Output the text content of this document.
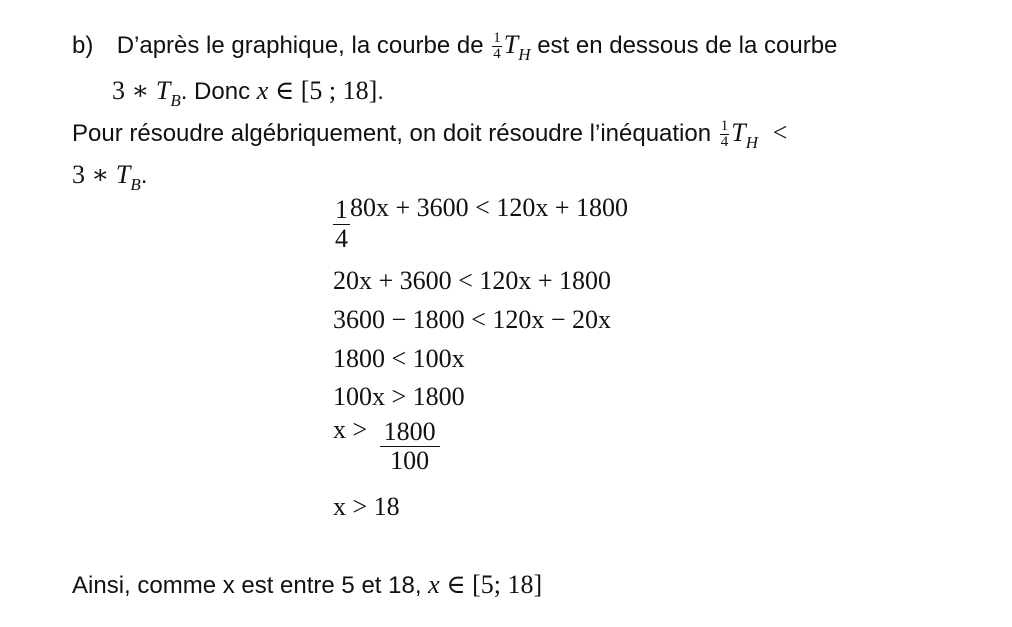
b) D’après le graphique, la courbe de $\frac{1}{4} T_H$ est en dessous de la courbe
3 ∗ $T_B$. Donc x ∈ [5 ; 18].
Pour résoudre algébriquement, on doit résoudre l’inéquation $\frac{1}{4} T_H$ <
3 ∗ $T_B$.
$\frac{1}{4} 80x + 3600 < 120x + 1800$
20x + 3600 < 120x + 1800
3600 − 1800 < 120x − 20x
1800 < 100x
100x > 1800
$x > \frac{1800}{100}$
x > 18
Ainsi, comme x est entre 5 et 18, x ∈ [5; 18]
